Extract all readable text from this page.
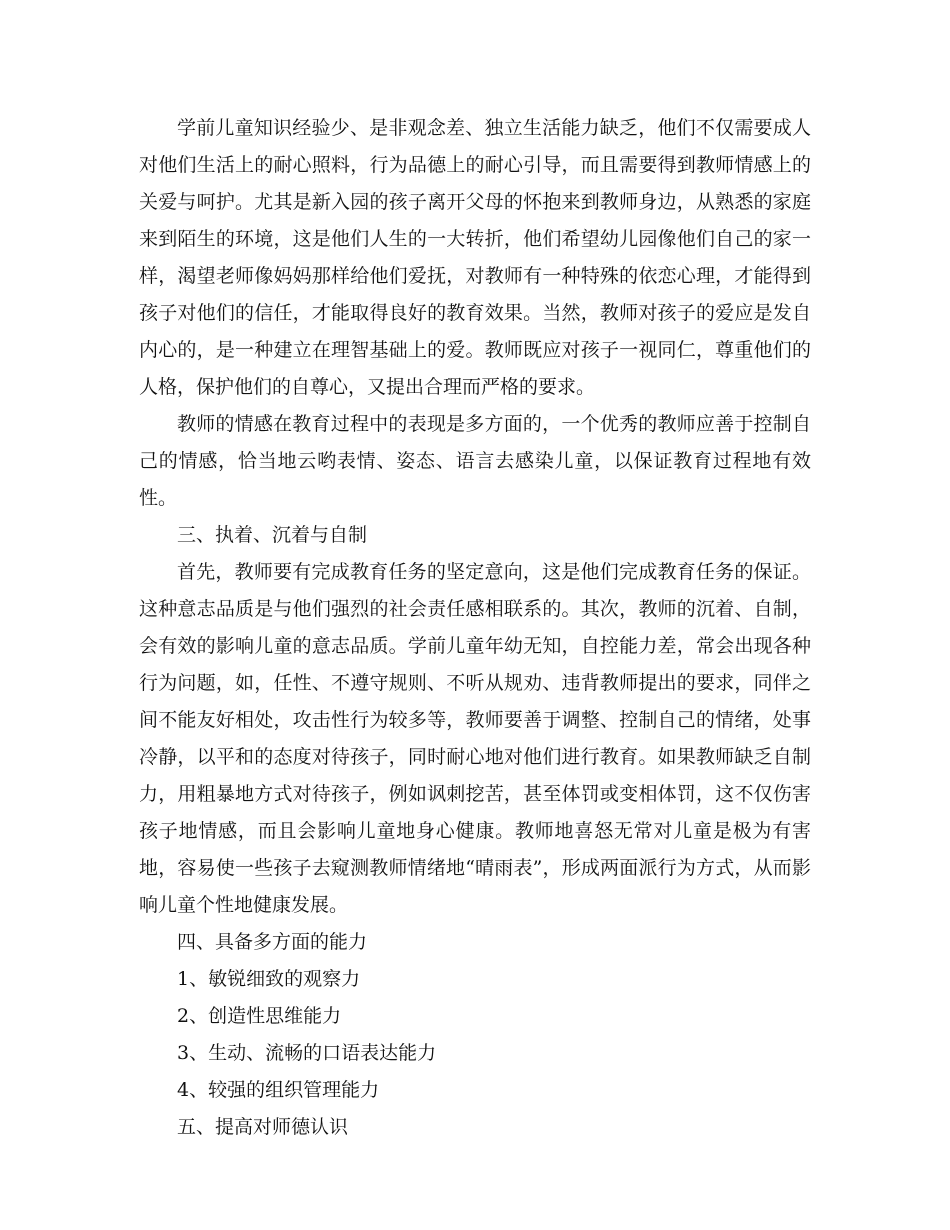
学前儿童知识经验少、是非观念差、独立生活能力缺乏，他们不仅需要成人对他们生活上的耐心照料，行为品德上的耐心引导，而且需要得到教师情感上的关爱与呵护。尤其是新入园的孩子离开父母的怀抱来到教师身边，从熟悉的家庭来到陌生的环境，这是他们人生的一大转折，他们希望幼儿园像他们自己的家一样，渴望老师像妈妈那样给他们爱抚，对教师有一种特殊的依恋心理，才能得到孩子对他们的信任，才能取得良好的教育效果。当然，教师对孩子的爱应是发自内心的，是一种建立在理智基础上的爱。教师既应对孩子一视同仁，尊重他们的人格，保护他们的自尊心，又提出合理而严格的要求。

教师的情感在教育过程中的表现是多方面的，一个优秀的教师应善于控制自己的情感，恰当地云哟表情、姿态、语言去感染儿童，以保证教育过程地有效性。

三、执着、沉着与自制

首先，教师要有完成教育任务的坚定意向，这是他们完成教育任务的保证。这种意志品质是与他们强烈的社会责任感相联系的。其次，教师的沉着、自制，会有效的影响儿童的意志品质。学前儿童年幼无知，自控能力差，常会出现各种行为问题，如，任性、不遵守规则、不听从规劝、违背教师提出的要求，同伴之间不能友好相处，攻击性行为较多等，教师要善于调整、控制自己的情绪，处事冷静，以平和的态度对待孩子，同时耐心地对他们进行教育。如果教师缺乏自制力，用粗暴地方式对待孩子，例如讽刺挖苦，甚至体罚或变相体罚，这不仅伤害孩子地情感，而且会影响儿童地身心健康。教师地喜怒无常对儿童是极为有害地，容易使一些孩子去窥测教师情绪地“晴雨表”，形成两面派行为方式，从而影响儿童个性地健康发展。

四、具备多方面的能力

1、敏锐细致的观察力

2、创造性思维能力

3、生动、流畅的口语表达能力

4、较强的组织管理能力

五、提高对师德认识
